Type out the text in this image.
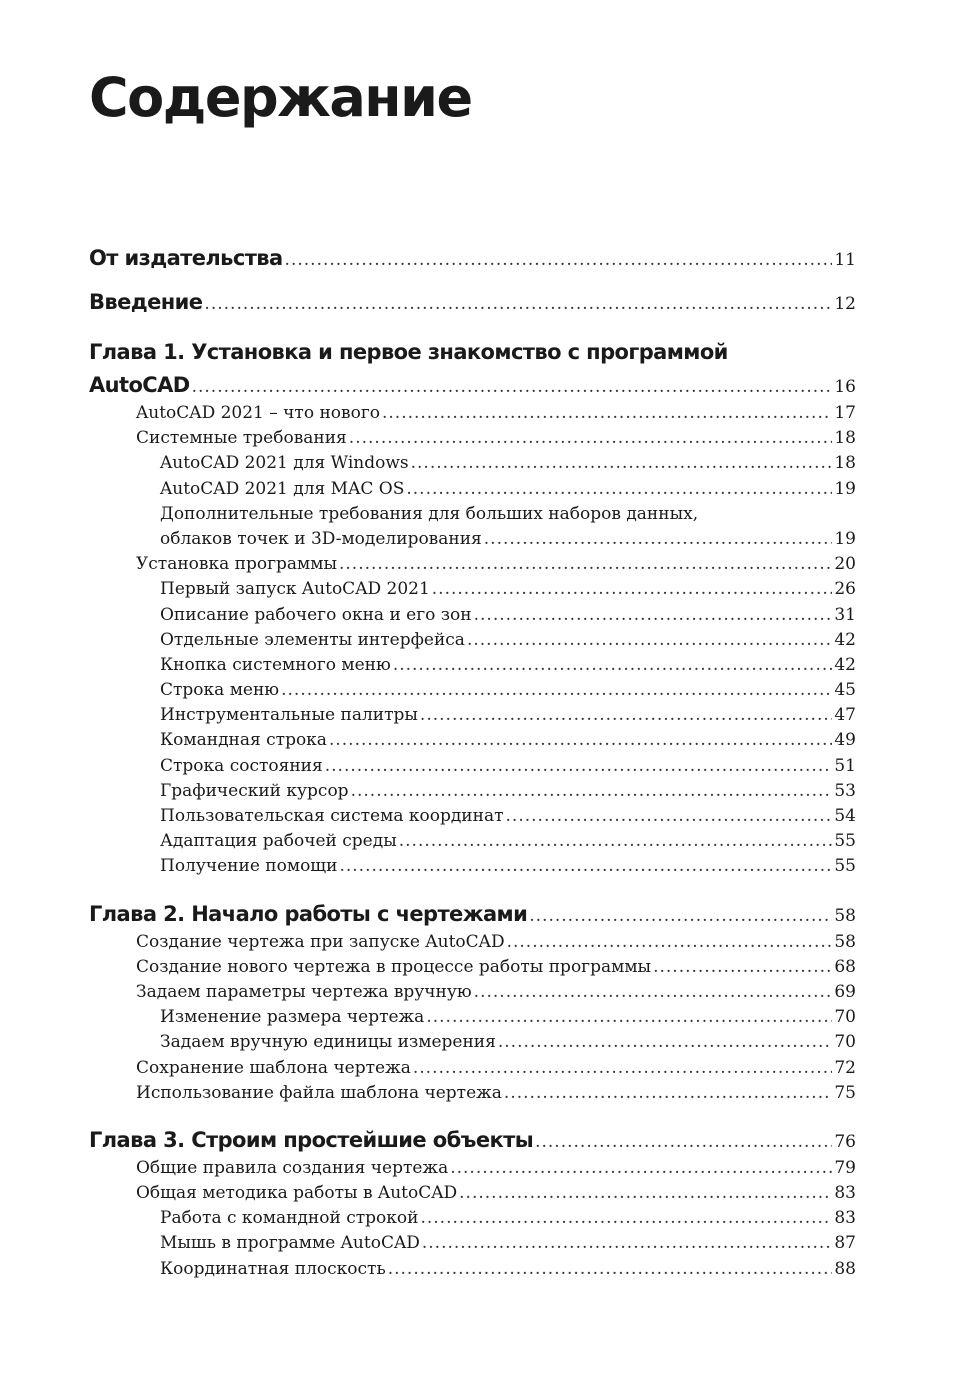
Содержание
От издательства .....	11
Введение .....	12
Глава 1. Установка и первое знакомство с программой
AutoCAD .....	16
AutoCAD 2021 – что нового .....	17
Системные требования .....	18
AutoCAD 2021 для Windows .....	18
AutoCAD 2021 для MAC OS .....	19
Дополнительные требования для больших наборов данных,
облаков точек и 3D-моделирования .....	19
Установка программы .....	20
Первый запуск AutoCAD 2021 .....	26
Описание рабочего окна и его зон .....	31
Отдельные элементы интерфейса .....	42
Кнопка системного меню .....	42
Строка меню .....	45
Инструментальные палитры .....	47
Командная строка .....	49
Строка состояния .....	51
Графический курсор .....	53
Пользовательская система координат .....	54
Адаптация рабочей среды .....	55
Получение помощи .....	55
Глава 2. Начало работы с чертежами .....	58
Создание чертежа при запуске AutoCAD .....	58
Создание нового чертежа в процессе работы программы .....	68
Задаем параметры чертежа вручную .....	69
Изменение размера чертежа .....	70
Задаем вручную единицы измерения .....	70
Сохранение шаблона чертежа .....	72
Использование файла шаблона чертежа .....	75
Глава 3. Строим простейшие объекты .....	76
Общие правила создания чертежа .....	79
Общая методика работы в AutoCAD .....	83
Работа с командной строкой .....	83
Мышь в программе AutoCAD .....	87
Координатная плоскость .....	88
